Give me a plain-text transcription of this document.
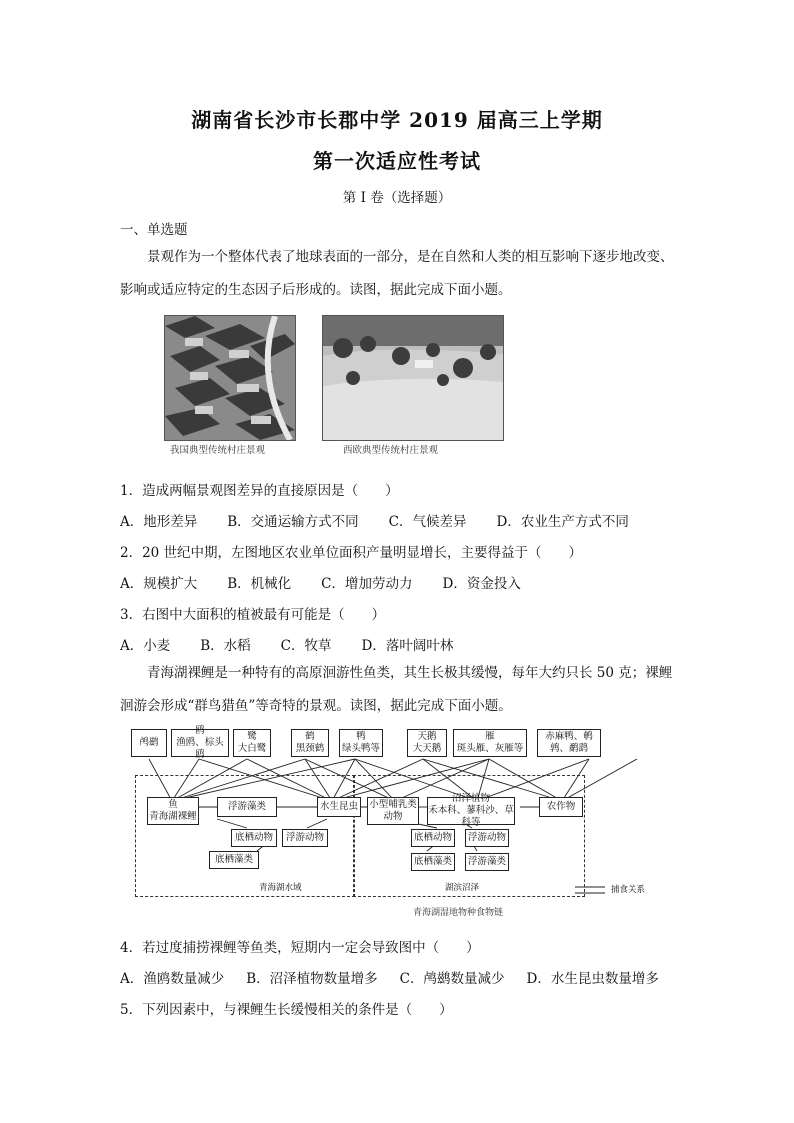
湖南省长沙市长郡中学 2019 届高三上学期
第一次适应性考试
第 I 卷（选择题）
一、单选题
景观作为一个整体代表了地球表面的一部分，是在自然和人类的相互影响下逐步地改变、影响或适应特定的生态因子后形成的。读图，据此完成下面小题。
我国典型传统村庄景观	西欧典型传统村庄景观
1．造成两幅景观图差异的直接原因是（　　）
A．地形差异 B．交通运输方式不同 C．气候差异 D．农业生产方式不同
2．20 世纪中期，左图地区农业单位面积产量明显增长，主要得益于（　　）
A．规模扩大 B．机械化 C．增加劳动力 D．资金投入
3．右图中大面积的植被最有可能是（　　）
A．小麦 B．水稻 C．牧草 D．落叶阔叶林
青海湖裸鲤是一种特有的高原洄游性鱼类，其生长极其缓慢，每年大约只长 50 克；裸鲤洄游会形成“群鸟猎鱼”等奇特的景观。读图，据此完成下面小题。
青海湖湿地物种食物链
鸬鹚
鸥
渔鸥、棕头鸥
鹭
大白鹭
鹤
黑颈鹤
鸭
绿头鸭等
天鹅
大天鹅
雁
斑头雁、灰雁等
赤麻鸭、鹌鹑、鹬鹞
鱼
青海湖裸鲤
浮游藻类	水生昆虫 小型哺乳类
动物
沼泽植物
禾本科、蓼科沙、草科等
农作物
底栖动物 浮游动物
底栖藻类
底栖动物 浮游动物
底栖藻类 浮游藻类
青海湖水域	湖滨沼泽	捕食关系
4．若过度捕捞裸鲤等鱼类，短期内一定会导致图中（　　）
A．渔鸥数量减少 B．沼泽植物数量增多 C．鸬鹚数量减少 D．水生昆虫数量增多
5．下列因素中，与裸鲤生长缓慢相关的条件是（　　）
